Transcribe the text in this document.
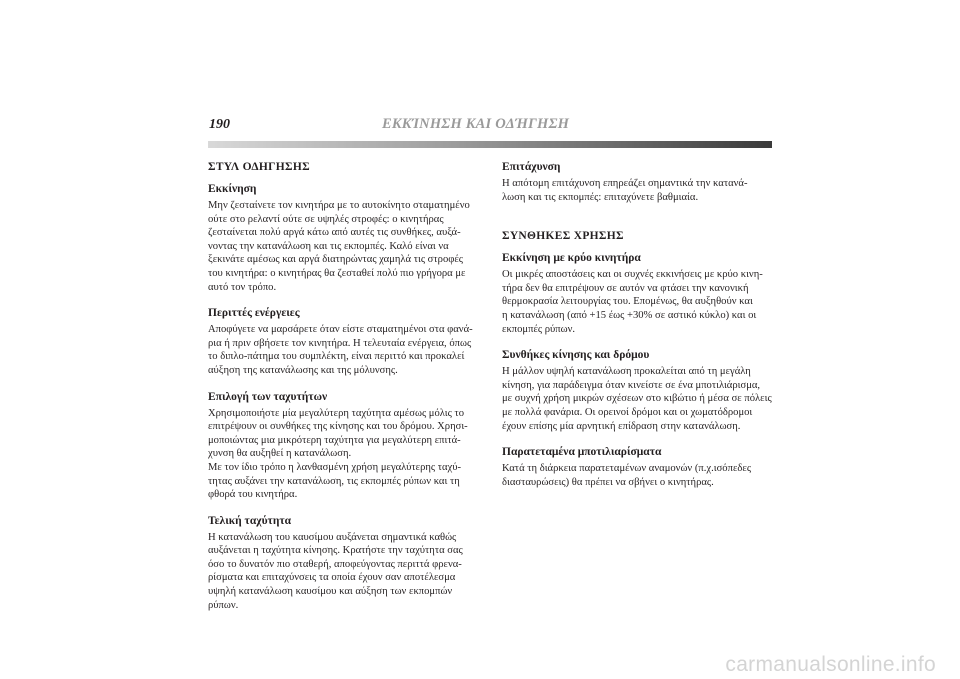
190	ΕΚΚΊΝΗΣΗ ΚΑΙ ΟΔΉΓΗΣΗ
ΣΤΥΛ ΟΔΗΓΗΣΗΣ
Εκκίνηση
Μην ζεσταίνετε τον κινητήρα με το αυτοκίνητο σταματημένο
ούτε στο ρελαντί ούτε σε υψηλές στροφές: ο κινητήρας
ζεσταίνεται πολύ αργά κάτω από αυτές τις συνθήκες, αυξά-
νοντας την κατανάλωση και τις εκπομπές. Καλό είναι να
ξεκινάτε αμέσως και αργά διατηρώντας χαμηλά τις στροφές
του κινητήρα: ο κινητήρας θα ζεσταθεί πολύ πιο γρήγορα με
αυτό τον τρόπο.
Περιττές ενέργειες
Αποφύγετε να μαρσάρετε όταν είστε σταματημένοι στα φανά-
ρια ή πριν σβήσετε τον κινητήρα. Η τελευταία ενέργεια, όπως
το διπλο-πάτημα του συμπλέκτη, είναι περιττό και προκαλεί
αύξηση της κατανάλωσης και της μόλυνσης.
Επιλογή των ταχυτήτων
Χρησιμοποιήστε μία μεγαλύτερη ταχύτητα αμέσως μόλις το
επιτρέψουν οι συνθήκες της κίνησης και του δρόμου. Χρησι-
μοποιώντας μια μικρότερη ταχύτητα για μεγαλύτερη επιτά-
χυνση θα αυξηθεί η κατανάλωση.
Με τον ίδιο τρόπο η λανθασμένη χρήση μεγαλύτερης ταχύ-
τητας αυξάνει την κατανάλωση, τις εκπομπές ρύπων και τη
φθορά του κινητήρα.
Τελική ταχύτητα
Η κατανάλωση του καυσίμου αυξάνεται σημαντικά καθώς
αυξάνεται η ταχύτητα κίνησης. Κρατήστε την ταχύτητα σας
όσο το δυνατόν πιο σταθερή, αποφεύγοντας περιττά φρενα-
ρίσματα και επιταχύνσεις τα οποία έχουν σαν αποτέλεσμα
υψηλή κατανάλωση καυσίμου και αύξηση των εκπομπών
ρύπων.
Επιτάχυνση
Η απότομη επιτάχυνση επηρεάζει σημαντικά την κατανά-
λωση και τις εκπομπές: επιταχύνετε βαθμιαία.
ΣΥΝΘΗΚΕΣ ΧΡΗΣΗΣ
Εκκίνηση με κρύο κινητήρα
Οι μικρές αποστάσεις και οι συχνές εκκινήσεις με κρύο κινη-
τήρα δεν θα επιτρέψουν σε αυτόν να φτάσει την κανονική
θερμοκρασία λειτουργίας του. Επομένως, θα αυξηθούν και
η κατανάλωση (από +15 έως +30% σε αστικό κύκλο) και οι
εκπομπές ρύπων.
Συνθήκες κίνησης και δρόμου
Η μάλλον υψηλή κατανάλωση προκαλείται από τη μεγάλη
κίνηση, για παράδειγμα όταν κινείστε σε ένα μποτιλιάρισμα,
με συχνή χρήση μικρών σχέσεων στο κιβώτιο ή μέσα σε πόλεις
με πολλά φανάρια. Οι ορεινοί δρόμοι και οι χωματόδρομοι
έχουν επίσης μία αρνητική επίδραση στην κατανάλωση.
Παρατεταμένα μποτιλιαρίσματα
Κατά τη διάρκεια παρατεταμένων αναμονών (π.χ.ισόπεδες
διασταυρώσεις) θα πρέπει να σβήνει ο κινητήρας.
carmanualsonline.info
